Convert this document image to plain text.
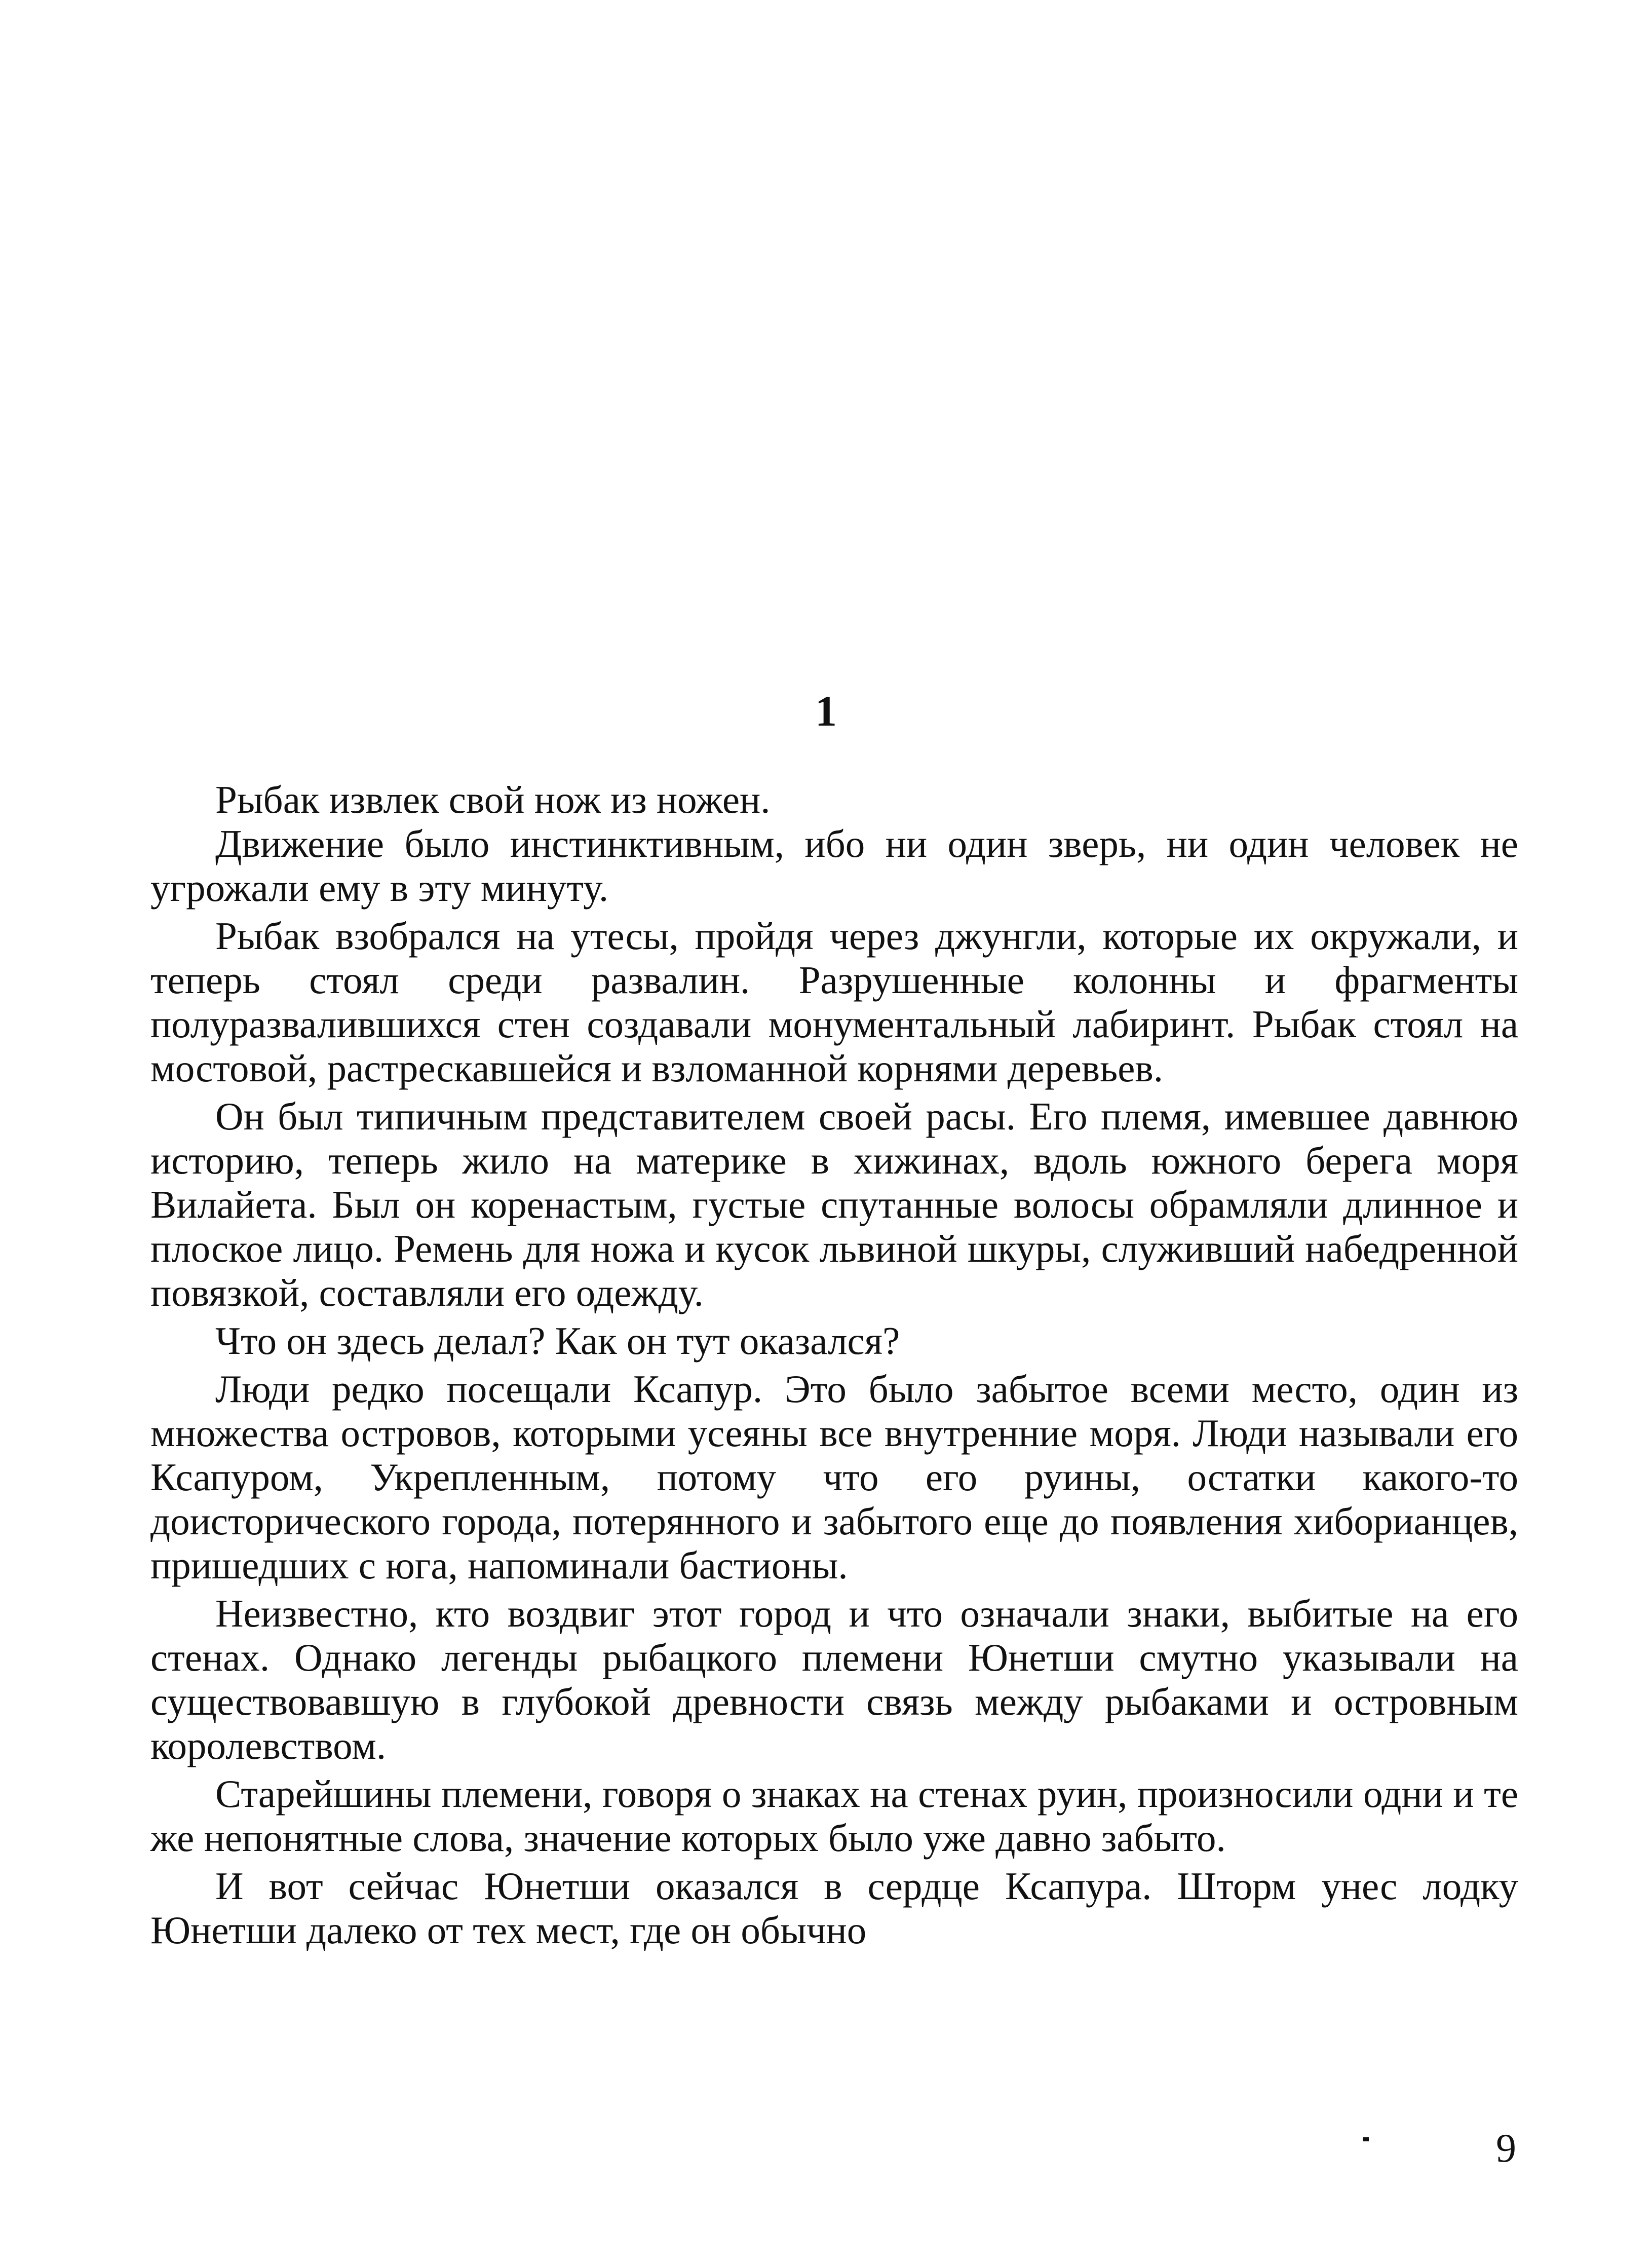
1

Рыбак извлек свой нож из ножен.

Движение было инстинктивным, ибо ни один зверь, ни один человек не угрожали ему в эту минуту.

Рыбак взобрался на утесы, пройдя через джунгли, которые их окружали, и теперь стоял среди развалин. Разрушенные колонны и фрагменты полуразвалившихся стен создавали монументальный лабиринт. Рыбак стоял на мостовой, растрескавшейся и взломанной корнями деревьев.

Он был типичным представителем своей расы. Его племя, имевшее давнюю историю, теперь жило на материке в хижинах, вдоль южного берега моря Вилайета. Был он коренастым, густые спутанные волосы обрамляли длинное и плоское лицо. Ремень для ножа и кусок львиной шкуры, служивший набедренной повязкой, составляли его одежду.

Что он здесь делал? Как он тут оказался?

Люди редко посещали Ксапур. Это было забытое всеми место, один из множества островов, которыми усеяны все внутренние моря. Люди называли его Ксапуром, Укрепленным, потому что его руины, остатки какого-то доисторического города, потерянного и забытого еще до появления хиборианцев, пришедших с юга, напоминали бастионы.

Неизвестно, кто воздвиг этот город и что означали знаки, выбитые на его стенах. Однако легенды рыбацкого племени Юнетши смутно указывали на существовавшую в глубокой древности связь между рыбаками и островным королевством.

Старейшины племени, говоря о знаках на стенах руин, произносили одни и те же непонятные слова, значение которых было уже давно забыто.

И вот сейчас Юнетши оказался в сердце Ксапура. Шторм унес лодку Юнетши далеко от тех мест, где он обычно

9
